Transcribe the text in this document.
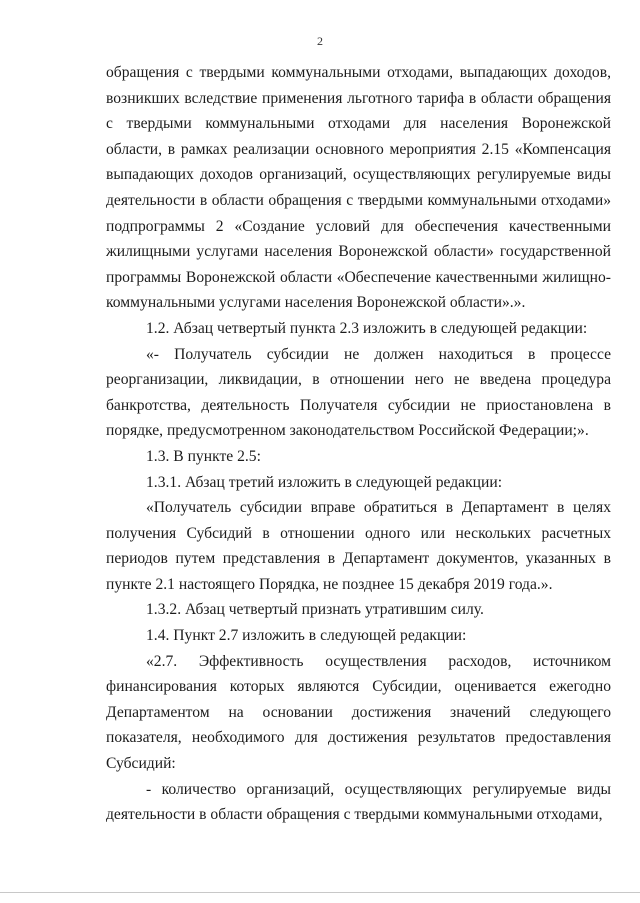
2

обращения с твердыми коммунальными отходами, выпадающих доходов, возникших вследствие применения льготного тарифа в области обращения с твердыми коммунальными отходами для населения Воронежской области, в рамках реализации основного мероприятия 2.15 «Компенсация выпадающих доходов организаций, осуществляющих регулируемые виды деятельности в области обращения с твердыми коммунальными отходами» подпрограммы 2 «Создание условий для обеспечения качественными жилищными услугами населения Воронежской области» государственной программы Воронежской области «Обеспечение качественными жилищно-коммунальными услугами населения Воронежской области».».

1.2. Абзац четвертый пункта 2.3 изложить в следующей редакции:

«- Получатель субсидии не должен находиться в процессе реорганизации, ликвидации, в отношении него не введена процедура банкротства, деятельность Получателя субсидии не приостановлена в порядке, предусмотренном законодательством Российской Федерации;».

1.3. В пункте 2.5:

1.3.1. Абзац третий изложить в следующей редакции:

«Получатель субсидии вправе обратиться в Департамент в целях получения Субсидий в отношении одного или нескольких расчетных периодов путем представления в Департамент документов, указанных в пункте 2.1 настоящего Порядка, не позднее 15 декабря 2019 года.».

1.3.2. Абзац четвертый признать утратившим силу.

1.4. Пункт 2.7 изложить в следующей редакции:

«2.7. Эффективность осуществления расходов, источником финансирования которых являются Субсидии, оценивается ежегодно Департаментом на основании достижения значений следующего показателя, необходимого для достижения результатов предоставления Субсидий:

- количество организаций, осуществляющих регулируемые виды деятельности в области обращения с твердыми коммунальными отходами,
